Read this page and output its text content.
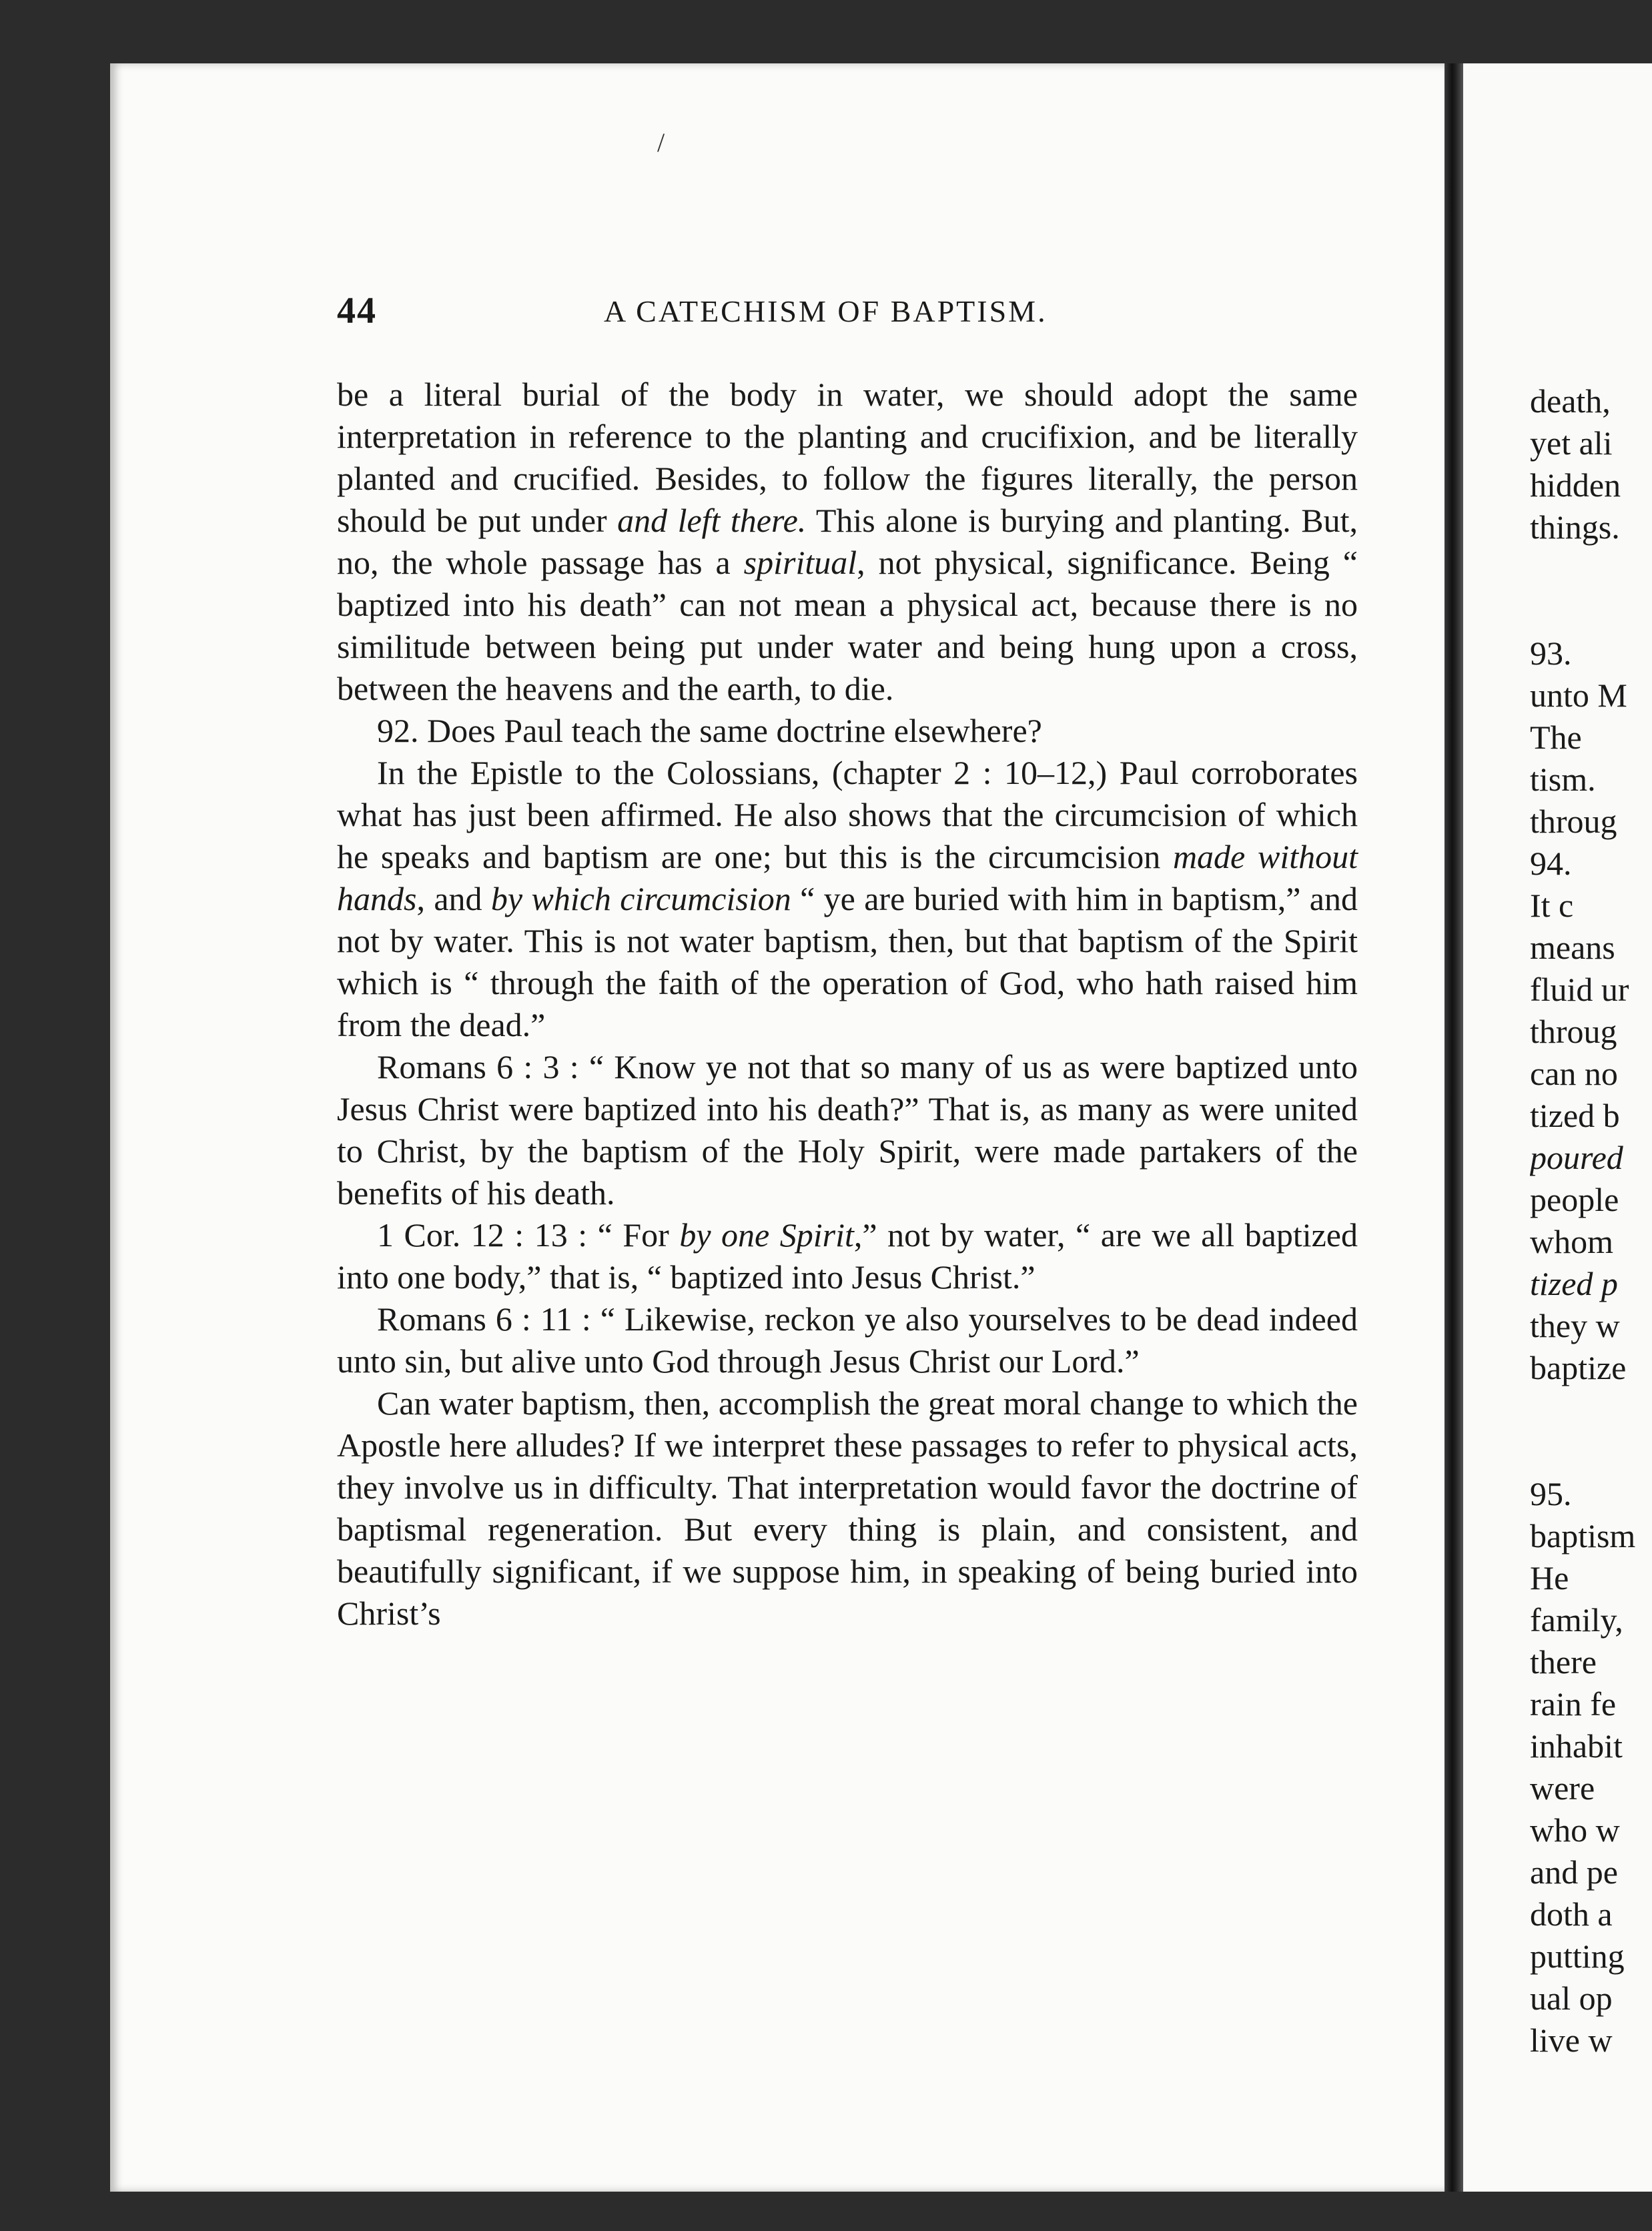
44	A CATECHISM OF BAPTISM.

be a literal burial of the body in water, we should adopt the same interpretation in reference to the planting and crucifixion, and be literally planted and crucified. Besides, to follow the figures literally, the person should be put under and left there. This alone is burying and planting. But, no, the whole passage has a spiritual, not physical, significance. Being “ baptized into his death” can not mean a physical act, because there is no similitude between being put under water and being hung upon a cross, between the heavens and the earth, to die.

92. Does Paul teach the same doctrine elsewhere?

In the Epistle to the Colossians, (chapter 2 : 10–12,) Paul corroborates what has just been affirmed. He also shows that the circumcision of which he speaks and baptism are one; but this is the circumcision made without hands, and by which circumcision “ ye are buried with him in baptism,” and not by water. This is not water baptism, then, but that baptism of the Spirit which is “ through the faith of the operation of God, who hath raised him from the dead.”

Romans 6 : 3 : “ Know ye not that so many of us as were baptized unto Jesus Christ were baptized into his death?” That is, as many as were united to Christ, by the baptism of the Holy Spirit, were made partakers of the benefits of his death.

1 Cor. 12 : 13 : “ For by one Spirit,” not by water, “ are we all baptized into one body,” that is, “ baptized into Jesus Christ.”

Romans 6 : 11 : “ Likewise, reckon ye also yourselves to be dead indeed unto sin, but alive unto God through Jesus Christ our Lord.”

Can water baptism, then, accomplish the great moral change to which the Apostle here alludes? If we interpret these passages to refer to physical acts, they involve us in difficulty. That interpretation would favor the doctrine of baptismal regeneration. But every thing is plain, and consistent, and beautifully significant, if we suppose him, in speaking of being buried into Christ’s

death,
yet ali
hidden
things.
93.
unto M
The
tism.
throug
94.
It c
means
fluid ur
throug
can no
tized b
poured
people
whom
tized p
they w
baptize
95.
baptism
He
family,
there
rain fe
inhabit
were
who w
and pe
doth a
putting
ual op
live w
/
